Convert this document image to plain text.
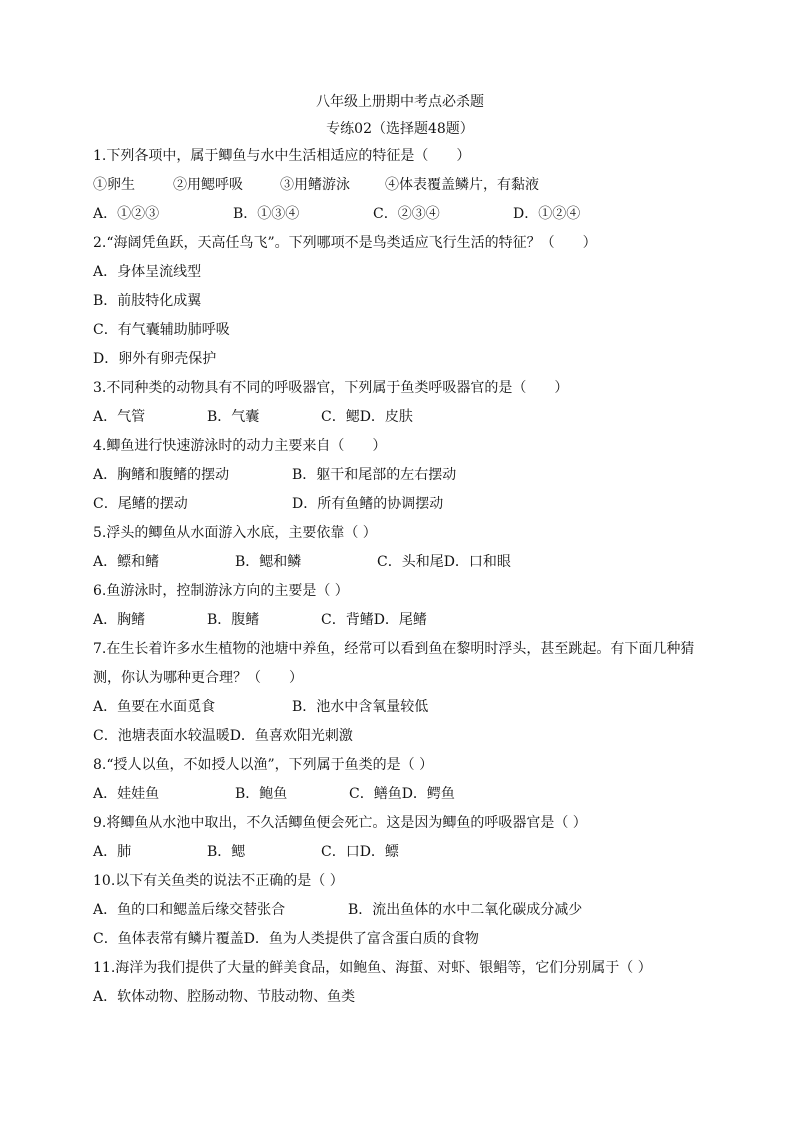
八年级上册期中考点必杀题
专练02（选择题48题）
1.下列各项中，属于鲫鱼与水中生活相适应的特征是（　　）
①卵生	②用鳃呼吸	③用鳍游泳	④体表覆盖鳞片，有黏液
A．①②③	B．①③④	C．②③④	D．①②④
2.“海阔凭鱼跃，天高任鸟飞”。下列哪项不是鸟类适应飞行生活的特征？（　　）
A．身体呈流线型
B．前肢特化成翼
C．有气囊辅助肺呼吸
D．卵外有卵壳保护
3.不同种类的动物具有不同的呼吸器官，下列属于鱼类呼吸器官的是（　　）
A．气管	B．气囊	C．鳃D．皮肤
4.鲫鱼进行快速游泳时的动力主要来自（　　）
A．胸鳍和腹鳍的摆动	B．躯干和尾部的左右摆动
C．尾鳍的摆动	D．所有鱼鳍的协调摆动
5.浮头的鲫鱼从水面游入水底，主要依靠（ ）
A．鳔和鳍	B．鳃和鳞	C．头和尾D．口和眼
6.鱼游泳时，控制游泳方向的主要是（ ）
A．胸鳍	B．腹鳍	C．背鳍D．尾鳍
7.在生长着许多水生植物的池塘中养鱼，经常可以看到鱼在黎明时浮头，甚至跳起。有下面几种猜
测，你认为哪种更合理？（　　）
A．鱼要在水面觅食	B．池水中含氧量较低
C．池塘表面水较温暖D．鱼喜欢阳光刺激
8.“授人以鱼，不如授人以渔”，下列属于鱼类的是（ ）
A．娃娃鱼	B．鲍鱼	C．鳝鱼D．鳄鱼
9.将鲫鱼从水池中取出，不久活鲫鱼便会死亡。这是因为鲫鱼的呼吸器官是（ ）
A．肺	B．鳃	C．口D．鳔
10.以下有关鱼类的说法不正确的是（ ）
A．鱼的口和鳃盖后缘交替张合	B．流出鱼体的水中二氧化碳成分减少
C．鱼体表常有鳞片覆盖D．鱼为人类提供了富含蛋白质的食物
11.海洋为我们提供了大量的鲜美食品，如鲍鱼、海蜇、对虾、银鲳等，它们分别属于（ ）
A．软体动物、腔肠动物、节肢动物、鱼类
